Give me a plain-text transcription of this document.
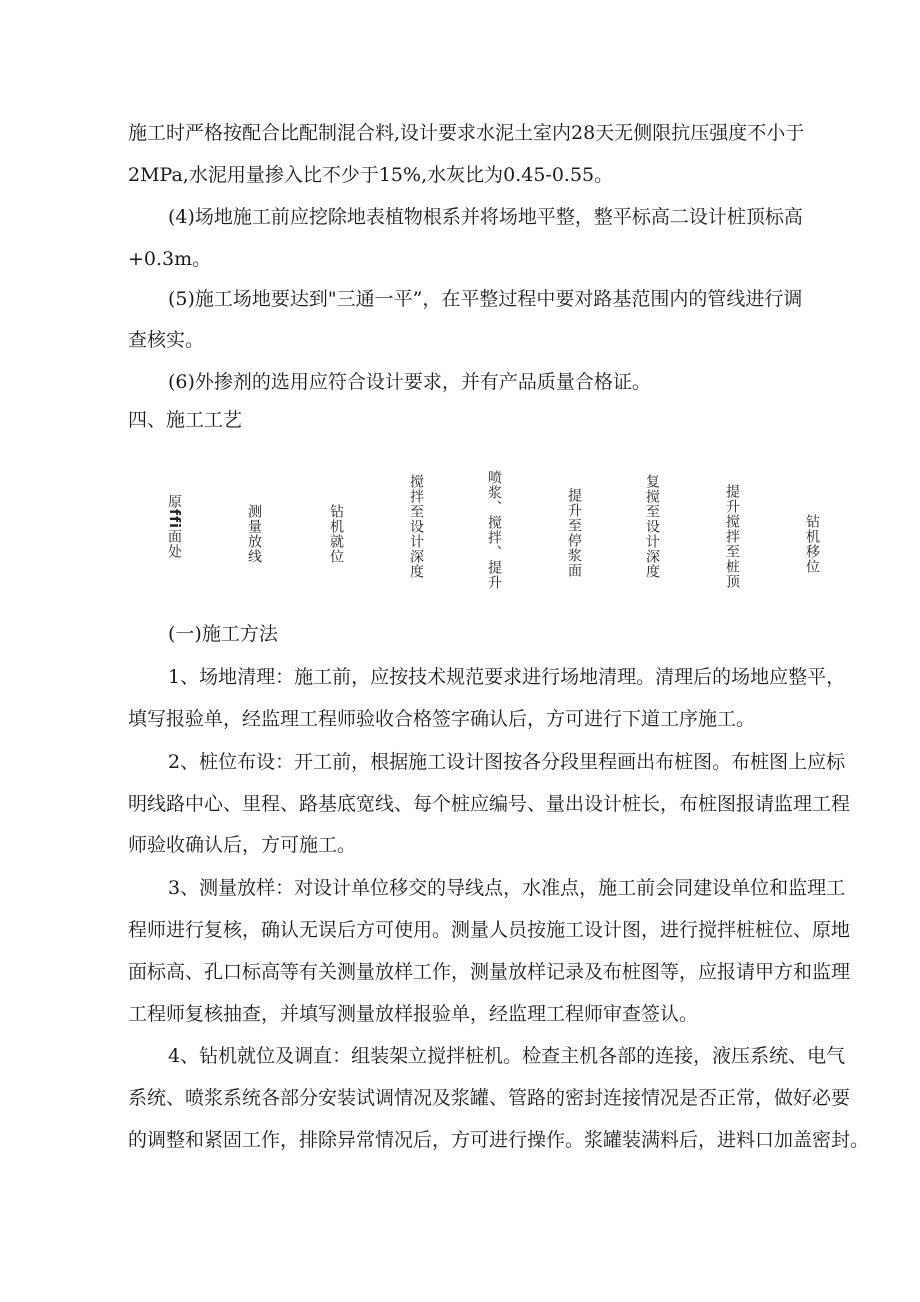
施工时严格按配合比配制混合料,设计要求水泥土室内28天无侧限抗压强度不小于
2MPa,水泥用量掺入比不少于15%,水灰比为0.45-0.55。
(4)场地施工前应挖除地表植物根系并将场地平整，整平标高二设计桩顶标高
+0.3m。
(5)施工场地要达到"三通一平”，在平整过程中要对路基范围内的管线进行调
查核实。
(6)外掺剂的选用应符合设计要求，并有产品质量合格证。
四、施工工艺
原ffi面处	测量放线	钻机就位	搅拌至设计深度	喷浆、搅拌、提升	提升至停浆面	复搅至设计深度	提升搅拌至桩顶	钻机移位
(一)施工方法
1、场地清理：施工前，应按技术规范要求进行场地清理。清理后的场地应整平，
填写报验单，经监理工程师验收合格签字确认后，方可进行下道工序施工。
2、桩位布设：开工前，根据施工设计图按各分段里程画出布桩图。布桩图上应标
明线路中心、里程、路基底宽线、每个桩应编号、量出设计桩长，布桩图报请监理工程
师验收确认后，方可施工。
3、测量放样：对设计单位移交的导线点，水准点，施工前会同建设单位和监理工
程师进行复核，确认无误后方可使用。测量人员按施工设计图，进行搅拌桩桩位、原地
面标高、孔口标高等有关测量放样工作，测量放样记录及布桩图等，应报请甲方和监理
工程师复核抽查，并填写测量放样报验单，经监理工程师审查签认。
4、钻机就位及调直：组装架立搅拌桩机。检查主机各部的连接，液压系统、电气
系统、喷浆系统各部分安装试调情况及浆罐、管路的密封连接情况是否正常，做好必要
的调整和紧固工作，排除异常情况后，方可进行操作。浆罐装满料后，进料口加盖密封。
